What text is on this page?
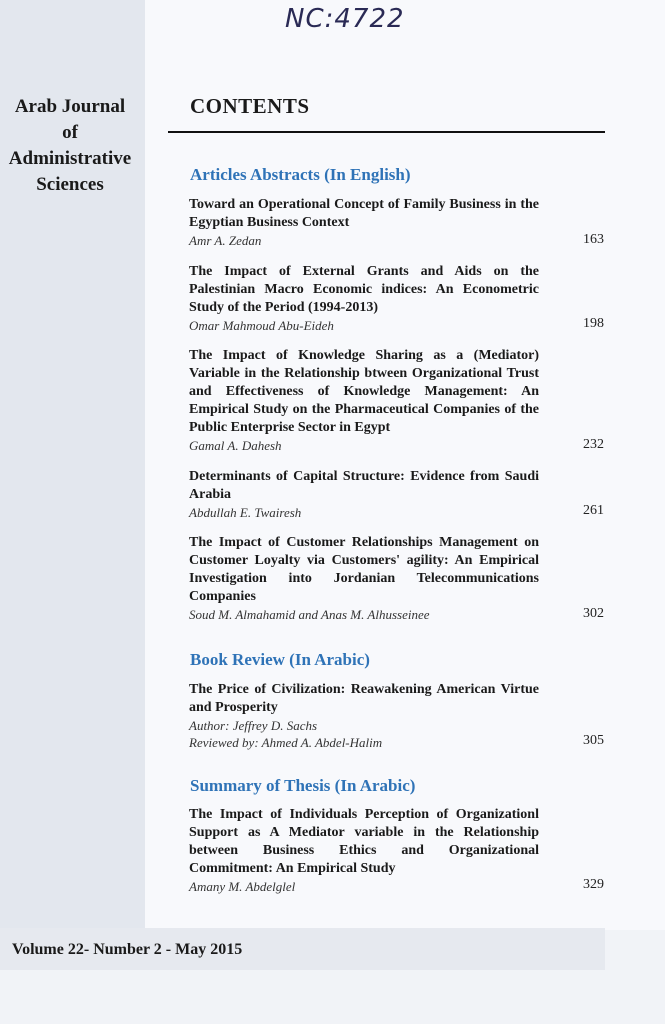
NC:4722
Arab Journal
of
Administrative
Sciences
CONTENTS
Articles Abstracts (In English)
Toward an Operational Concept of Family Business in the Egyptian Business Context
Amr A. Zedan	163
The Impact of External Grants and Aids on the Palestinian Macro Economic indices: An Econometric Study of the Period (1994-2013)
Omar Mahmoud Abu-Eideh	198
The Impact of Knowledge Sharing as a (Mediator) Variable in the Relationship btween Organizational Trust and Effectiveness of Knowledge Management: An Empirical Study on the Pharmaceutical Companies of the Public Enterprise Sector in Egypt
Gamal A. Dahesh	232
Determinants of Capital Structure: Evidence from Saudi Arabia
Abdullah E. Twairesh	261
The Impact of Customer Relationships Management on Customer Loyalty via Customers' agility: An Empirical Investigation into Jordanian Telecommunications Companies
Soud M. Almahamid and Anas M. Alhusseinee	302
Book Review (In Arabic)
The Price of Civilization: Reawakening American Virtue and Prosperity
Author: Jeffrey D. Sachs
Reviewed by: Ahmed A. Abdel-Halim	305
Summary of Thesis (In Arabic)
The Impact of Individuals Perception of Organizationl Support as A Mediator variable in the Relationship between Business Ethics and Organizational Commitment: An Empirical Study
Amany M. Abdelglel	329
Volume 22- Number 2 - May 2015
